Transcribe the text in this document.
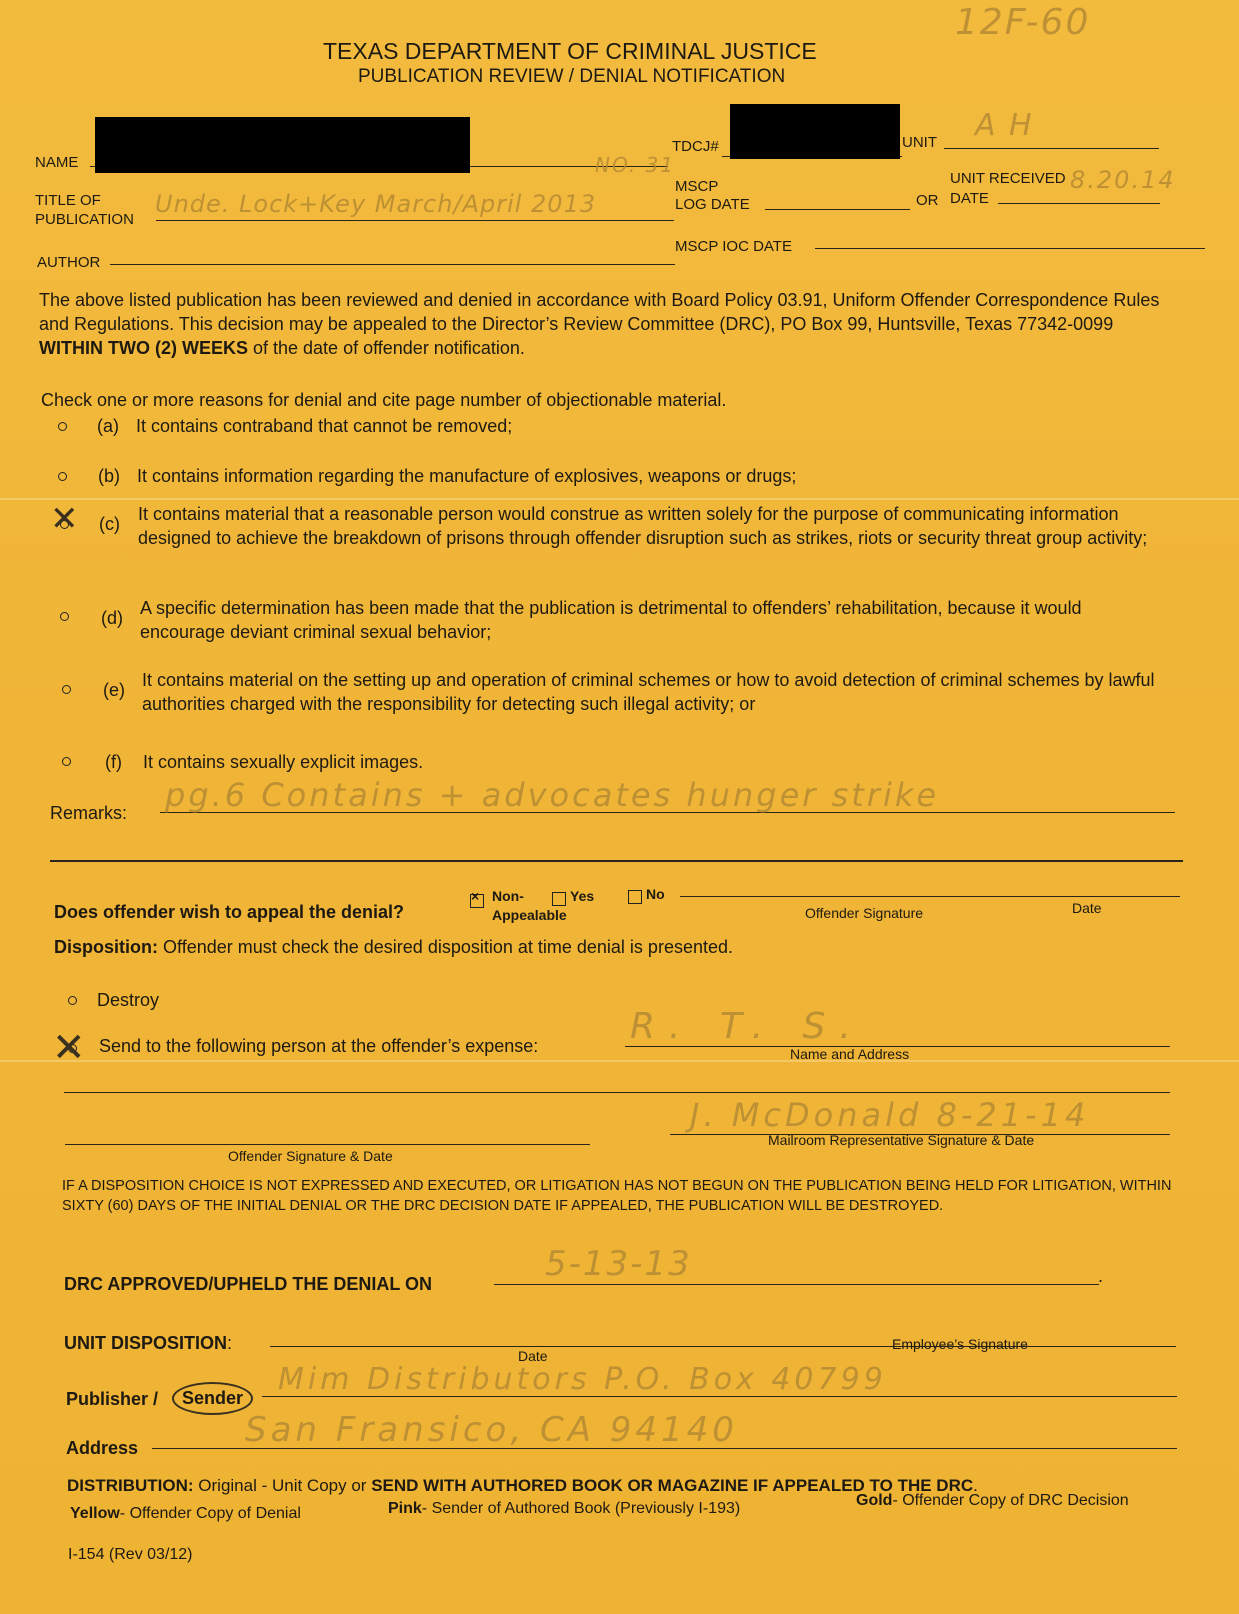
12F-60
TEXAS DEPARTMENT OF CRIMINAL JUSTICE
PUBLICATION REVIEW / DENIAL NOTIFICATION
NAME
TDCJ#	UNIT A H
TITLE OF
PUBLICATION
Unde. Lock+Key March/April 2013
NO. 31
MSCP
LOG DATE	OR
UNIT RECEIVED
DATE
8.20.14
AUTHOR
MSCP IOC DATE
The above listed publication has been reviewed and denied in accordance with Board Policy 03.91, Uniform Offender Correspondence Rules and Regulations. This decision may be appealed to the Director’s Review Committee (DRC), PO Box 99, Huntsville, Texas 77342-0099 WITHIN TWO (2) WEEKS of the date of offender notification.
Check one or more reasons for denial and cite page number of objectionable material.
(a) It contains contraband that cannot be removed;
(b) It contains information regarding the manufacture of explosives, weapons or drugs;
✕ (c) It contains material that a reasonable person would construe as written solely for the purpose of communicating information designed to achieve the breakdown of prisons through offender disruption such as strikes, riots or security threat group activity;
(d) A specific determination has been made that the publication is detrimental to offenders’ rehabilitation, because it would encourage deviant criminal sexual behavior;
(e) It contains material on the setting up and operation of criminal schemes or how to avoid detection of criminal schemes by lawful authorities charged with the responsibility for detecting such illegal activity; or
(f) It contains sexually explicit images.
Remarks: pg.6 Contains + advocates hunger strike
Does offender wish to appeal the denial?
× Non-
Appealable
Yes	No
Offender Signature	Date
Disposition: Offender must check the desired disposition at time denial is presented.
Destroy
✕ Send to the following person at the offender’s expense:	R. T. S.
Name and Address
Offender Signature & Date
J. McDonald 8-21-14
Mailroom Representative Signature & Date
IF A DISPOSITION CHOICE IS NOT EXPRESSED AND EXECUTED, OR LITIGATION HAS NOT BEGUN ON THE PUBLICATION BEING HELD FOR LITIGATION, WITHIN SIXTY (60) DAYS OF THE INITIAL DENIAL OR THE DRC DECISION DATE IF APPEALED, THE PUBLICATION WILL BE DESTROYED.
DRC APPROVED/UPHELD THE DENIAL ON	5-13-13	.
UNIT DISPOSITION:
Date
Employee’s Signature
Publisher /	Sender
Mim Distributors P.O. Box 40799
Address	San Fransico, CA 94140
DISTRIBUTION: Original - Unit Copy or SEND WITH AUTHORED BOOK OR MAGAZINE IF APPEALED TO THE DRC.
Yellow- Offender Copy of Denial	Pink- Sender of Authored Book (Previously I-193)	Gold- Offender Copy of DRC Decision
I-154 (Rev 03/12)
